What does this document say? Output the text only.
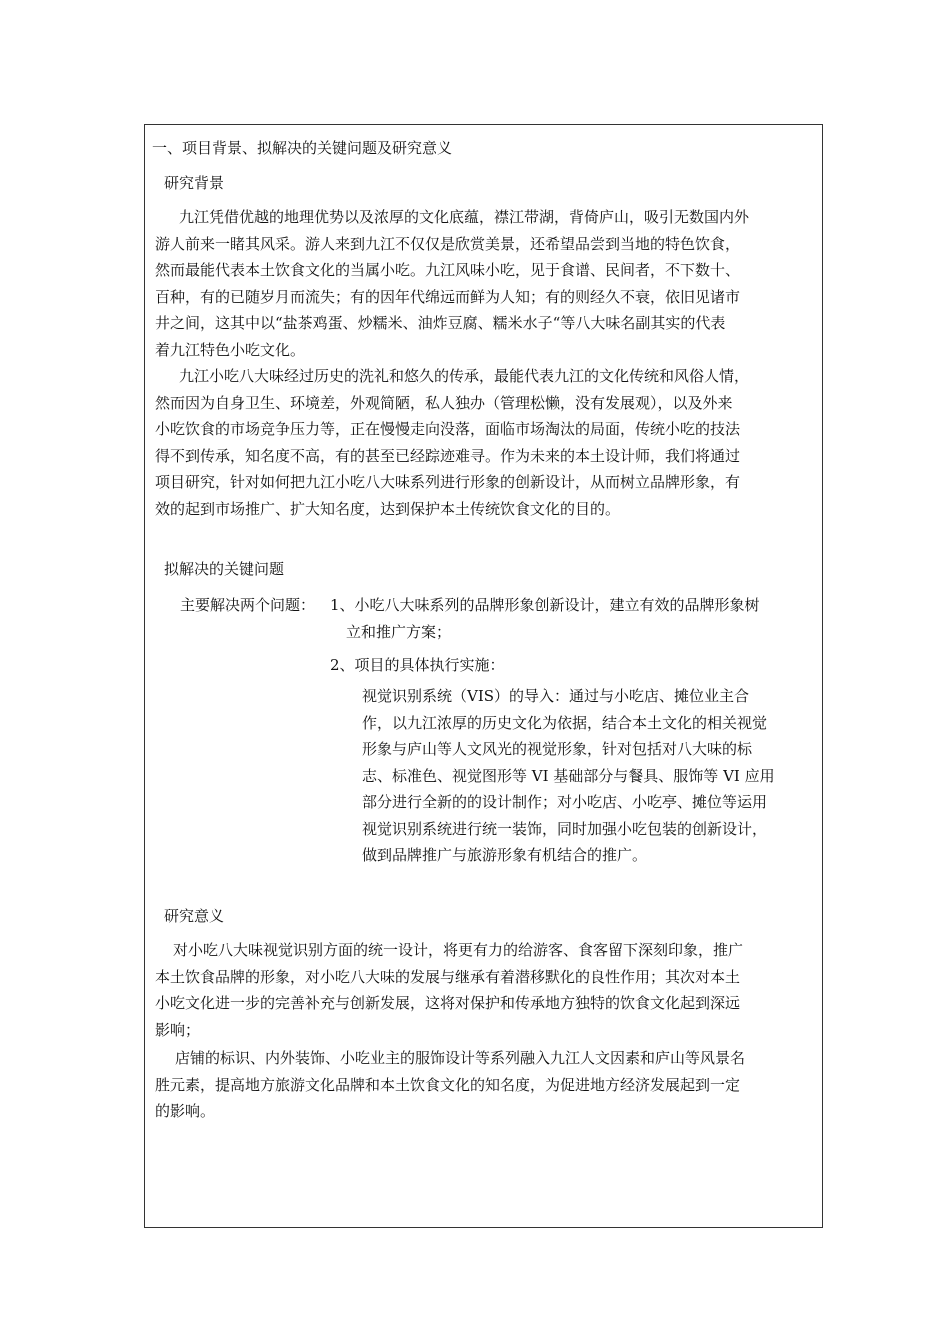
一、项目背景、拟解决的关键问题及研究意义

研究背景

九江凭借优越的地理优势以及浓厚的文化底蕴，襟江带湖，背倚庐山，吸引无数国内外
游人前来一睹其风采。游人来到九江不仅仅是欣赏美景，还希望品尝到当地的特色饮食，
然而最能代表本土饮食文化的当属小吃。九江风味小吃，见于食谱、民间者，不下数十、
百种，有的已随岁月而流失；有的因年代绵远而鲜为人知；有的则经久不衰，依旧见诸市
井之间，这其中以“盐茶鸡蛋、炒糯米、油炸豆腐、糯米水子“等八大味名副其实的代表
着九江特色小吃文化。
九江小吃八大味经过历史的洗礼和悠久的传承，最能代表九江的文化传统和风俗人情，
然而因为自身卫生、环境差，外观简陋，私人独办（管理松懒，没有发展观），以及外来
小吃饮食的市场竞争压力等，正在慢慢走向没落，面临市场淘汰的局面，传统小吃的技法
得不到传承，知名度不高，有的甚至已经踪迹难寻。作为未来的本土设计师，我们将通过
项目研究，针对如何把九江小吃八大味系列进行形象的创新设计，从而树立品牌形象，有
效的起到市场推广、扩大知名度，达到保护本土传统饮食文化的目的。

拟解决的关键问题

主要解决两个问题： 1、小吃八大味系列的品牌形象创新设计，建立有效的品牌形象树
立和推广方案；

2、项目的具体执行实施：

视觉识别系统（VIS）的导入：通过与小吃店、摊位业主合
作，以九江浓厚的历史文化为依据，结合本土文化的相关视觉
形象与庐山等人文风光的视觉形象，针对包括对八大味的标
志、标准色、视觉图形等 VI 基础部分与餐具、服饰等 VI 应用
部分进行全新的的设计制作；对小吃店、小吃亭、摊位等运用
视觉识别系统进行统一装饰，同时加强小吃包装的创新设计，
做到品牌推广与旅游形象有机结合的推广。

研究意义

对小吃八大味视觉识别方面的统一设计，将更有力的给游客、食客留下深刻印象，推广
本土饮食品牌的形象，对小吃八大味的发展与继承有着潜移默化的良性作用；其次对本土
小吃文化进一步的完善补充与创新发展，这将对保护和传承地方独特的饮食文化起到深远
影响；
店铺的标识、内外装饰、小吃业主的服饰设计等系列融入九江人文因素和庐山等风景名
胜元素，提高地方旅游文化品牌和本土饮食文化的知名度，为促进地方经济发展起到一定
的影响。
